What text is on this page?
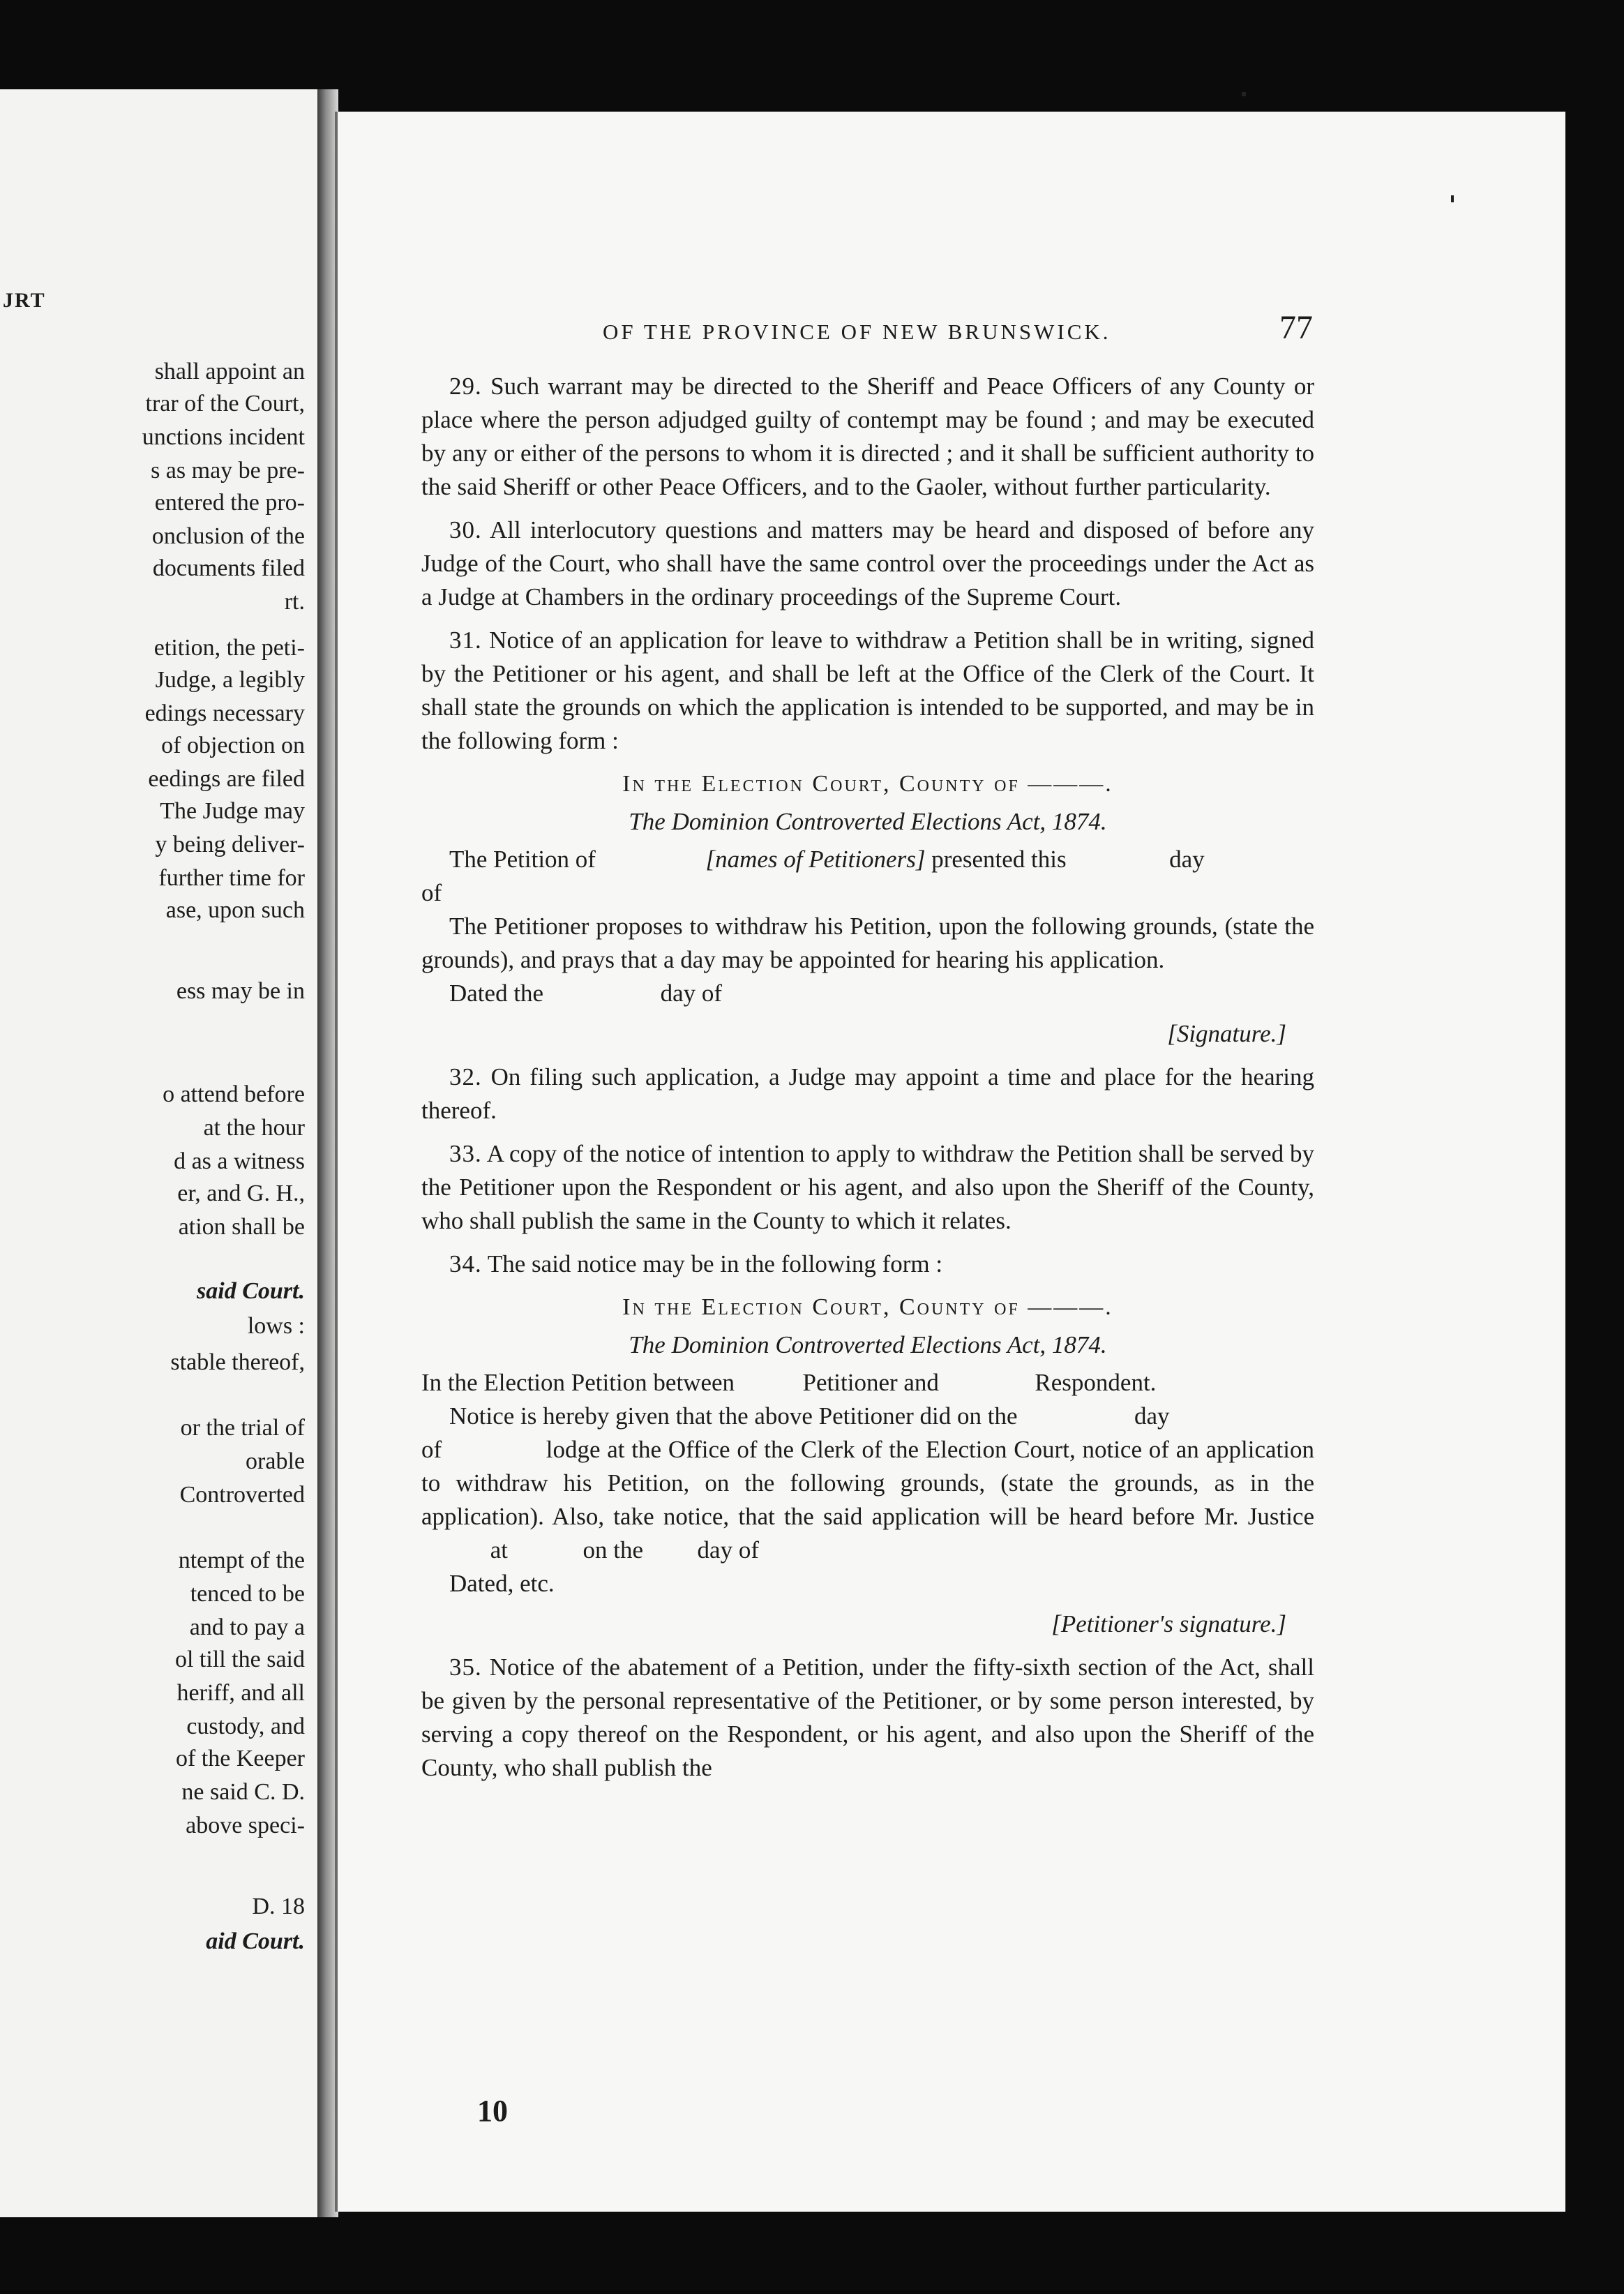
JRT
shall appoint an
trar of the Court,
unctions incident
s as may be pre-
entered the pro-
onclusion of the
documents filed
rt.
etition, the peti-
Judge, a legibly
edings necessary
of objection on
eedings are filed
The Judge may
y being deliver-
further time for
ase, upon such
ess may be in
o attend before
at the hour
d as a witness
er, and G. H.,
ation shall be
said Court.
lows :
stable thereof,
or the trial of
orable
Controverted
ntempt of the
tenced to be
and to pay a
ol till the said
heriff, and all
custody, and
of the Keeper
ne said C. D.
above speci-
D. 18
aid Court.
OF THE PROVINCE OF NEW BRUNSWICK.	77

29. Such warrant may be directed to the Sheriff and Peace Officers of any County or place where the person adjudged guilty of contempt may be found ; and may be executed by any or either of the persons to whom it is directed ; and it shall be sufficient authority to the said Sheriff or other Peace Officers, and to the Gaoler, without further particularity.

30. All interlocutory questions and matters may be heard and disposed of before any Judge of the Court, who shall have the same control over the proceedings under the Act as a Judge at Chambers in the ordinary proceedings of the Supreme Court.

31. Notice of an application for leave to withdraw a Petition shall be in writing, signed by the Petitioner or his agent, and shall be left at the Office of the Clerk of the Court. It shall state the grounds on which the application is intended to be supported, and may be in the following form :

In the Election Court, County of ———.
The Dominion Controverted Elections Act, 1874.

The Petition of	[names of Petitioners] presented this	day

of

The Petitioner proposes to withdraw his Petition, upon the following grounds, (state the grounds), and prays that a day may be appointed for hearing his application.

Dated the	day of

[Signature.]

32. On filing such application, a Judge may appoint a time and place for the hearing thereof.

33. A copy of the notice of intention to apply to withdraw the Petition shall be served by the Petitioner upon the Respondent or his agent, and also upon the Sheriff of the County, who shall publish the same in the County to which it relates.

34. The said notice may be in the following form :

In the Election Court, County of ———.
The Dominion Controverted Elections Act, 1874.

In the Election Petition between	Petitioner and	Respondent.

Notice is hereby given that the above Petitioner did on the	day

of	lodge at the Office of the Clerk of the Election Court, notice of an application to withdraw his Petition, on the following grounds, (state the grounds, as in the application). Also, take notice, that the said application will be heard before Mr. Justice  at	on the day of

Dated, etc.

[Petitioner's signature.]

35. Notice of the abatement of a Petition, under the fifty-sixth section of the Act, shall be given by the personal representative of the Petitioner, or by some person interested, by serving a copy thereof on the Respondent, or his agent, and also upon the Sheriff of the County, who shall publish the

10
